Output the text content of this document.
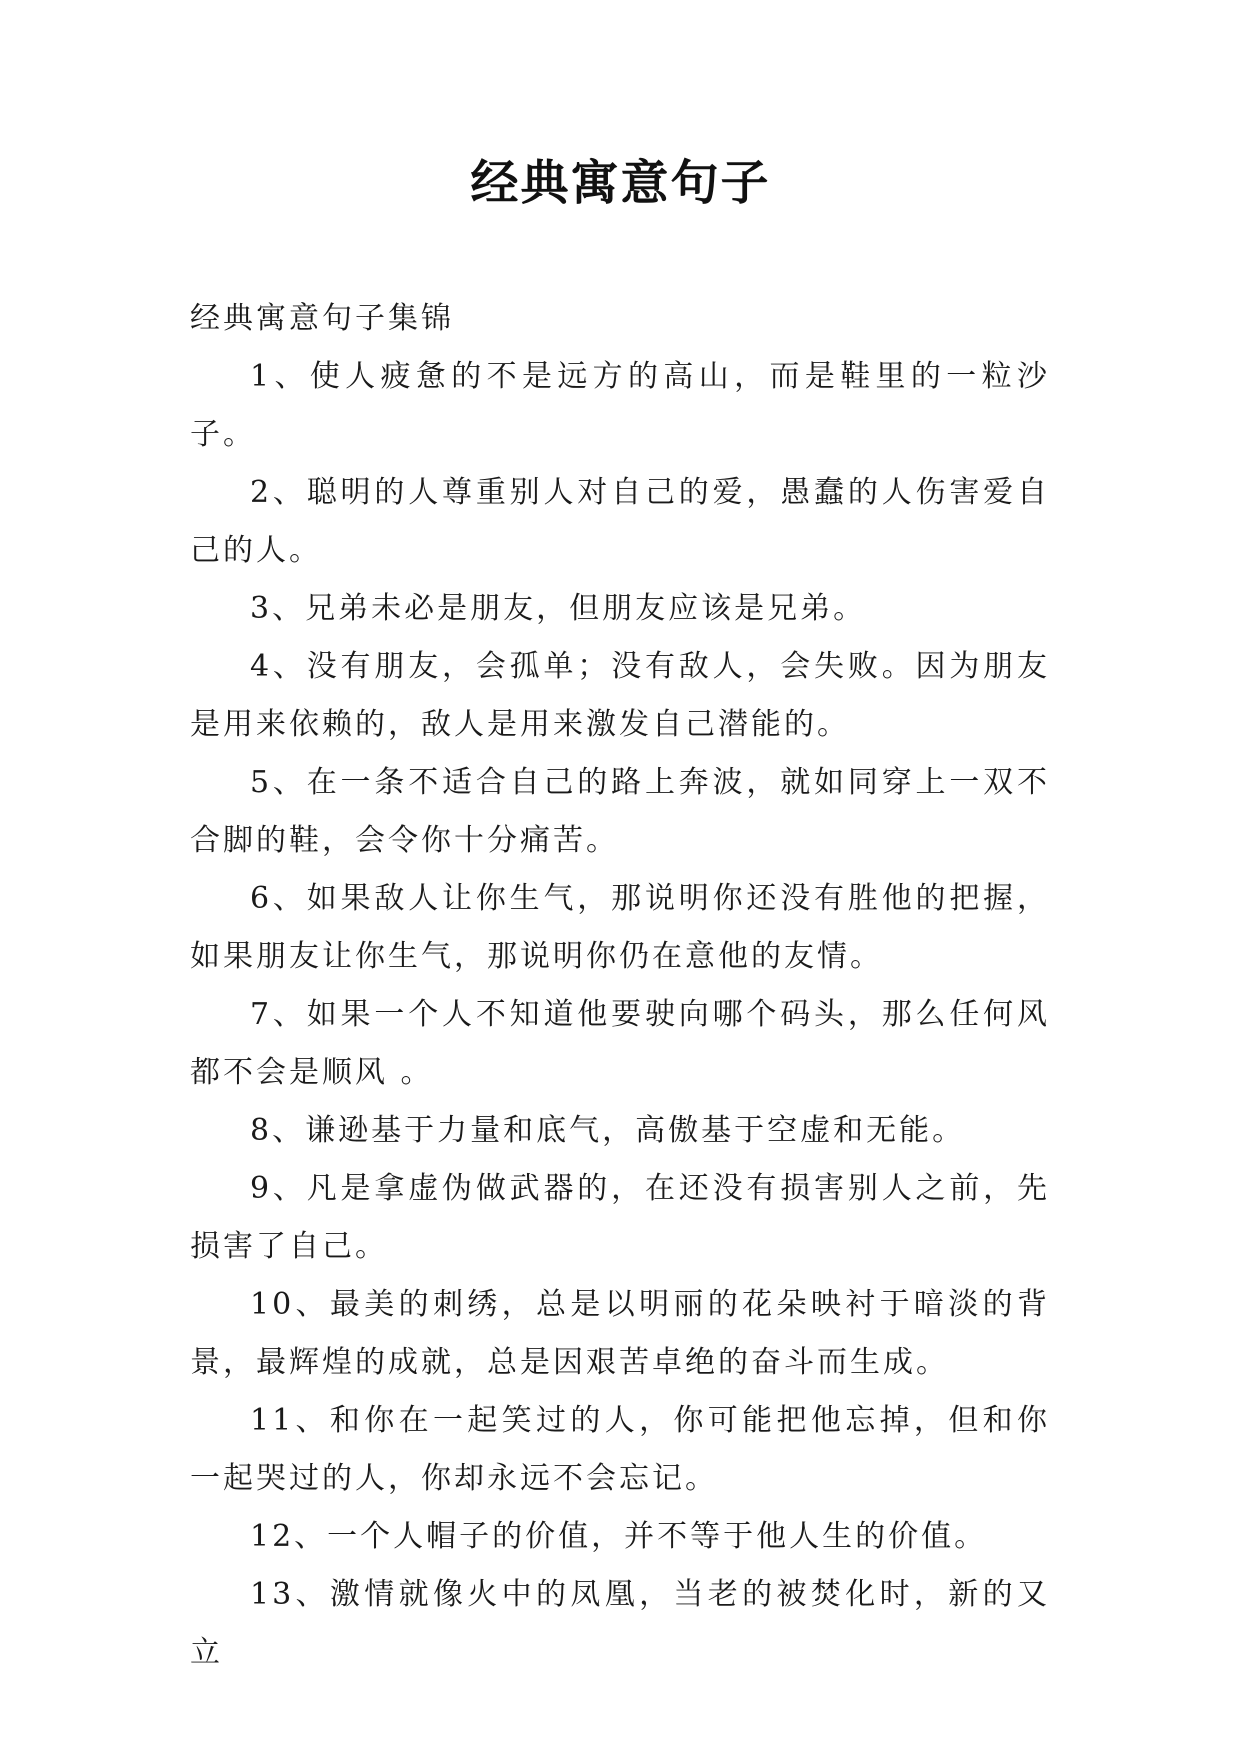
经典寓意句子

经典寓意句子集锦

1、使人疲惫的不是远方的高山，而是鞋里的一粒沙子。

2、聪明的人尊重别人对自己的爱，愚蠢的人伤害爱自己的人。

3、兄弟未必是朋友，但朋友应该是兄弟。

4、没有朋友，会孤单；没有敌人，会失败。因为朋友是用来依赖的，敌人是用来激发自己潜能的。

5、在一条不适合自己的路上奔波，就如同穿上一双不合脚的鞋，会令你十分痛苦。

6、如果敌人让你生气，那说明你还没有胜他的把握，如果朋友让你生气，那说明你仍在意他的友情。

7、如果一个人不知道他要驶向哪个码头，那么任何风都不会是顺风 。

8、谦逊基于力量和底气，高傲基于空虚和无能。

9、凡是拿虚伪做武器的，在还没有损害别人之前，先损害了自己。

10、最美的刺绣，总是以明丽的花朵映衬于暗淡的背景，最辉煌的成就，总是因艰苦卓绝的奋斗而生成。

11、和你在一起笑过的人，你可能把他忘掉，但和你一起哭过的人，你却永远不会忘记。

12、一个人帽子的价值，并不等于他人生的价值。

13、激情就像火中的凤凰，当老的被焚化时，新的又立
